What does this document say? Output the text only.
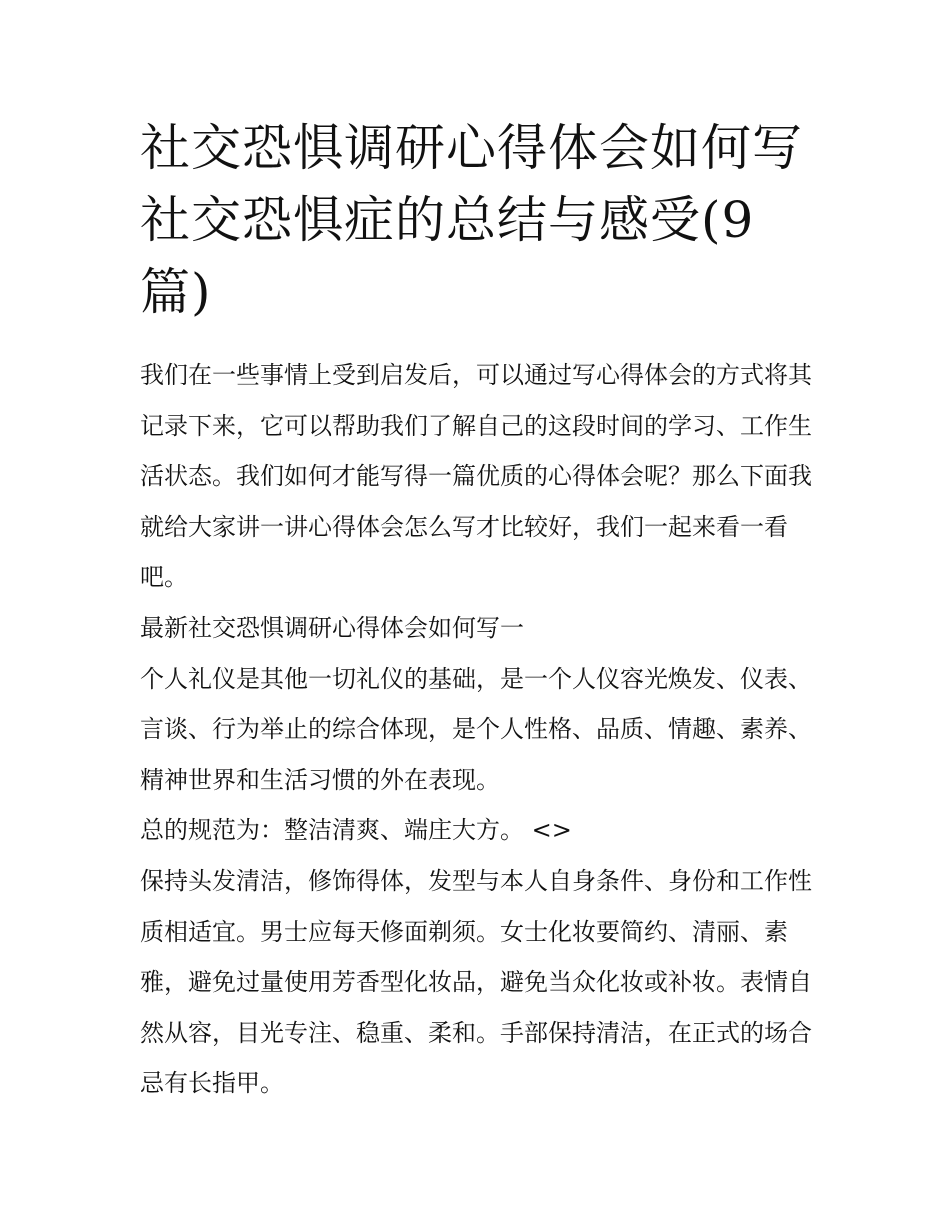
社交恐惧调研心得体会如何写社交恐惧症的总结与感受(9篇)

我们在一些事情上受到启发后，可以通过写心得体会的方式将其记录下来，它可以帮助我们了解自己的这段时间的学习、工作生活状态。我们如何才能写得一篇优质的心得体会呢？那么下面我就给大家讲一讲心得体会怎么写才比较好，我们一起来看一看吧。

最新社交恐惧调研心得体会如何写一

个人礼仪是其他一切礼仪的基础，是一个人仪容光焕发、仪表、言谈、行为举止的综合体现，是个人性格、品质、情趣、素养、精神世界和生活习惯的外在表现。

总的规范为：整洁清爽、端庄大方。 <>

保持头发清洁，修饰得体，发型与本人自身条件、身份和工作性质相适宜。男士应每天修面剃须。女士化妆要简约、清丽、素雅，避免过量使用芳香型化妆品，避免当众化妆或补妆。表情自然从容，目光专注、稳重、柔和。手部保持清洁，在正式的场合忌有长指甲。
